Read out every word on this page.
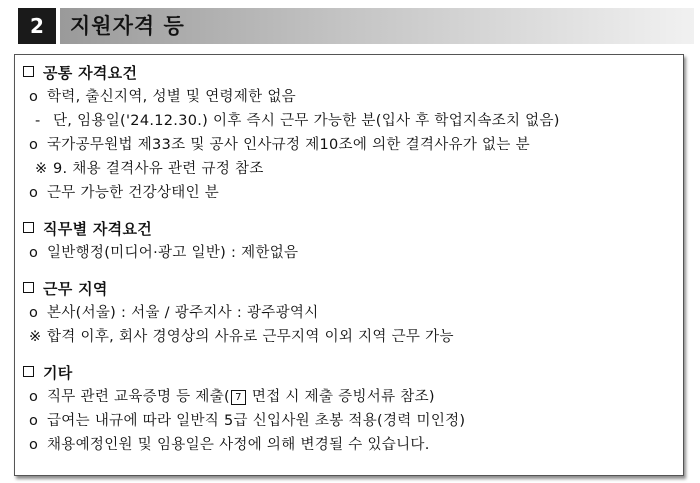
2	지원자격 등
공통 자격요건
o 학력, 출신지역, 성별 및 연령제한 없음
- 단, 임용일('24.12.30.) 이후 즉시 근무 가능한 분(입사 후 학업지속조치 없음)
o 국가공무원법 제33조 및 공사 인사규정 제10조에 의한 결격사유가 없는 분
※ 9. 채용 결격사유 관련 규정 참조
o 근무 가능한 건강상태인 분
직무별 자격요건
o 일반행정(미디어·광고 일반) : 제한없음
근무 지역
o 본사(서울) : 서울 / 광주지사 : 광주광역시
※ 합격 이후, 회사 경영상의 사유로 근무지역 이외 지역 근무 가능
기타
o 직무 관련 교육증명 등 제출( 7 면접 시 제출 증빙서류 참조)
o 급여는 내규에 따라 일반직 5급 신입사원 초봉 적용(경력 미인정)
o 채용예정인원 및 임용일은 사정에 의해 변경될 수 있습니다.
